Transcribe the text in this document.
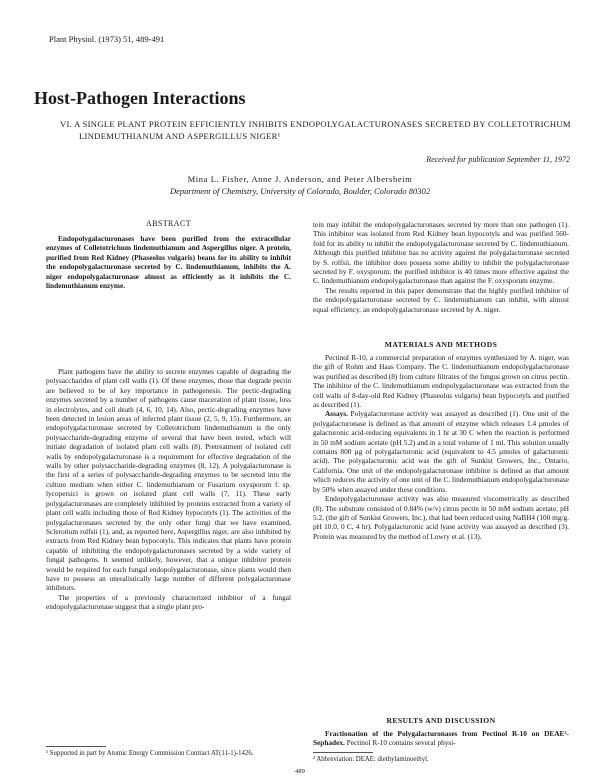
Plant Physiol. (1973) 51, 489-491
Host-Pathogen Interactions
VI. A SINGLE PLANT PROTEIN EFFICIENTLY INHIBITS ENDOPOLYGALACTURONASES SECRETED BY COLLETOTRICHUM LINDEMUTHIANUM AND ASPERGILLUS NIGER¹
Received for publication September 11, 1972
Mina L. Fisher, Anne J. Anderson, and Peter Albersheim
Department of Chemistry, University of Colorado, Boulder, Colorado 80302
ABSTRACT

Endopolygalacturonases have been purified from the extracellular enzymes of Colletotrichum lindemuthianum and Aspergillus niger. A protein, purified from Red Kidney (Phaseolus vulgaris) beans for its ability to inhibit the endopolygalacturonase secreted by C. lindemuthianum, inhibits the A. niger endopolygalacturonase almost as efficiently as it inhibits the C. lindemuthianum enzyme.

Plant pathogens have the ability to secrete enzymes capable of degrading the polysaccharides of plant cell walls (1). Of these enzymes, those that degrade pectin are believed to be of key importance in pathogenesis. The pectic-degrading enzymes secreted by a number of pathogens cause maceration of plant tissue, loss in electrolytes, and cell death (4, 6, 10, 14). Also, pectic-degrading enzymes have been detected in lesion areas of infected plant tissue (2, 5, 9, 15). Furthermore, an endopolygalacturonase secreted by Colletotrichum lindemuthianum is the only polysaccharide-degrading enzyme of several that have been tested, which will initiate degradation of isolated plant cell walls (8). Pretreatment of isolated cell walls by endopolygalacturonase is a requirement for effective degradation of the walls by other polysaccharide-degrading enzymes (8, 12). A polygalacturonase is the first of a series of polysaccharide-degrading enzymes to be secreted into the culture medium when either C. lindemuthianum or Fusarium oxysporum f. sp. lycopersici is grown on isolated plant cell walls (7, 11). These early polygalacturonases are completely inhibited by proteins extracted from a variety of plant cell walls including those of Red Kidney hypocotyls (1). The activities of the polygalacturonases secreted by the only other fungi that we have examined, Sclerotium rolfsii (1), and, as reported here, Aspergillus niger, are also inhibited by extracts from Red Kidney bean hypocotyls. This indicates that plants have protein capable of inhibiting the endopolygalacturonases secreted by a wide variety of fungal pathogens. It seemed unlikely, however, that a unique inhibitor protein would be required for each fungal endopolygalacturonase, since plants would then have to possess an unrealistically large number of different polygalacturonase inhibitors.

The properties of a previously characterized inhibitor of a fungal endopolygalacturonase suggest that a single plant pro-

tein may inhibit the endopolygalacturonases secreted by more than one pathogen (1). This inhibitor was isolated from Red Kidney bean hypocotyls and was purified 560-fold for its ability to inhibit the endopolygalacturonase secreted by C. lindemuthianum. Although this purified inhibitor has no activity against the polygalacturonase secreted by S. rolfsii, the inhibitor does possess some ability to inhibit the polygalacturonase secreted by F. oxysporum; the purified inhibitor is 40 times more effective against the C. lindemuthianum endopolygalacturonase than against the F. oxysporum enzyme.

The results reported in this paper demonstrate that the highly purified inhibitor of the endopolygalacturonase secreted by C. lindemuthianum can inhibit, with almost equal efficiency, an endopolygalacturonase secreted by A. niger.

MATERIALS AND METHODS

Pectinol R-10, a commercial preparation of enzymes synthesized by A. niger, was the gift of Rohm and Haas Company. The C. lindemuthianum endopolygalacturonase was purified as described (8) from culture filtrates of the fungus grown on citrus pectin. The inhibitor of the C. lindemuthianum endopolygalacturonase was extracted from the cell walls of 8-day-old Red Kidney (Phaseolus vulgaris) bean hypocotyls and purified as described (1).

Assays. Polygalacturonase activity was assayed as described (1). One unit of the polygalacturonase is defined as that amount of enzyme which releases 1.4 µmoles of galacturonic acid-reducing equivalents in 1 hr at 30 C when the reaction is performed in 50 mM sodium acetate (pH 5.2) and in a total volume of 1 ml. This solution usually contains 800 µg of polygalacturonic acid (equivalent to 4.5 µmoles of galacturonic acid). The polygalacturonic acid was the gift of Sunkist Growers, Inc., Ontario, California. One unit of the endopolygalacturonase inhibitor is defined as that amount which reduces the activity of one unit of the C. lindemuthianum endopolygalacturonase by 50% when assayed under these conditions.

Endopolygalacturonase activity was also measured viscometrically as described (8). The substrate consisted of 0.84% (w/v) citrus pectin in 50 mM sodium acetate, pH 5.2, (the gift of Sunkist Growers, Inc.), that had been reduced using NaBH4 (100 mg/g. pH 10.0, 0 C, 4 hr). Polygalacturonic acid lyase activity was assayed as described (3). Protein was measured by the method of Lowry et al. (13).

RESULTS AND DISCUSSION

Fractionation of the Polygalacturonases from Pectinol R-10 on DEAE²-Sephadex. Pectinol R-10 contains several physi-

¹ Supported in part by Atomic Energy Commission Contract AT(11-1)-1426.
² Abbreviation: DEAE: diethylaminoethyl.
489
